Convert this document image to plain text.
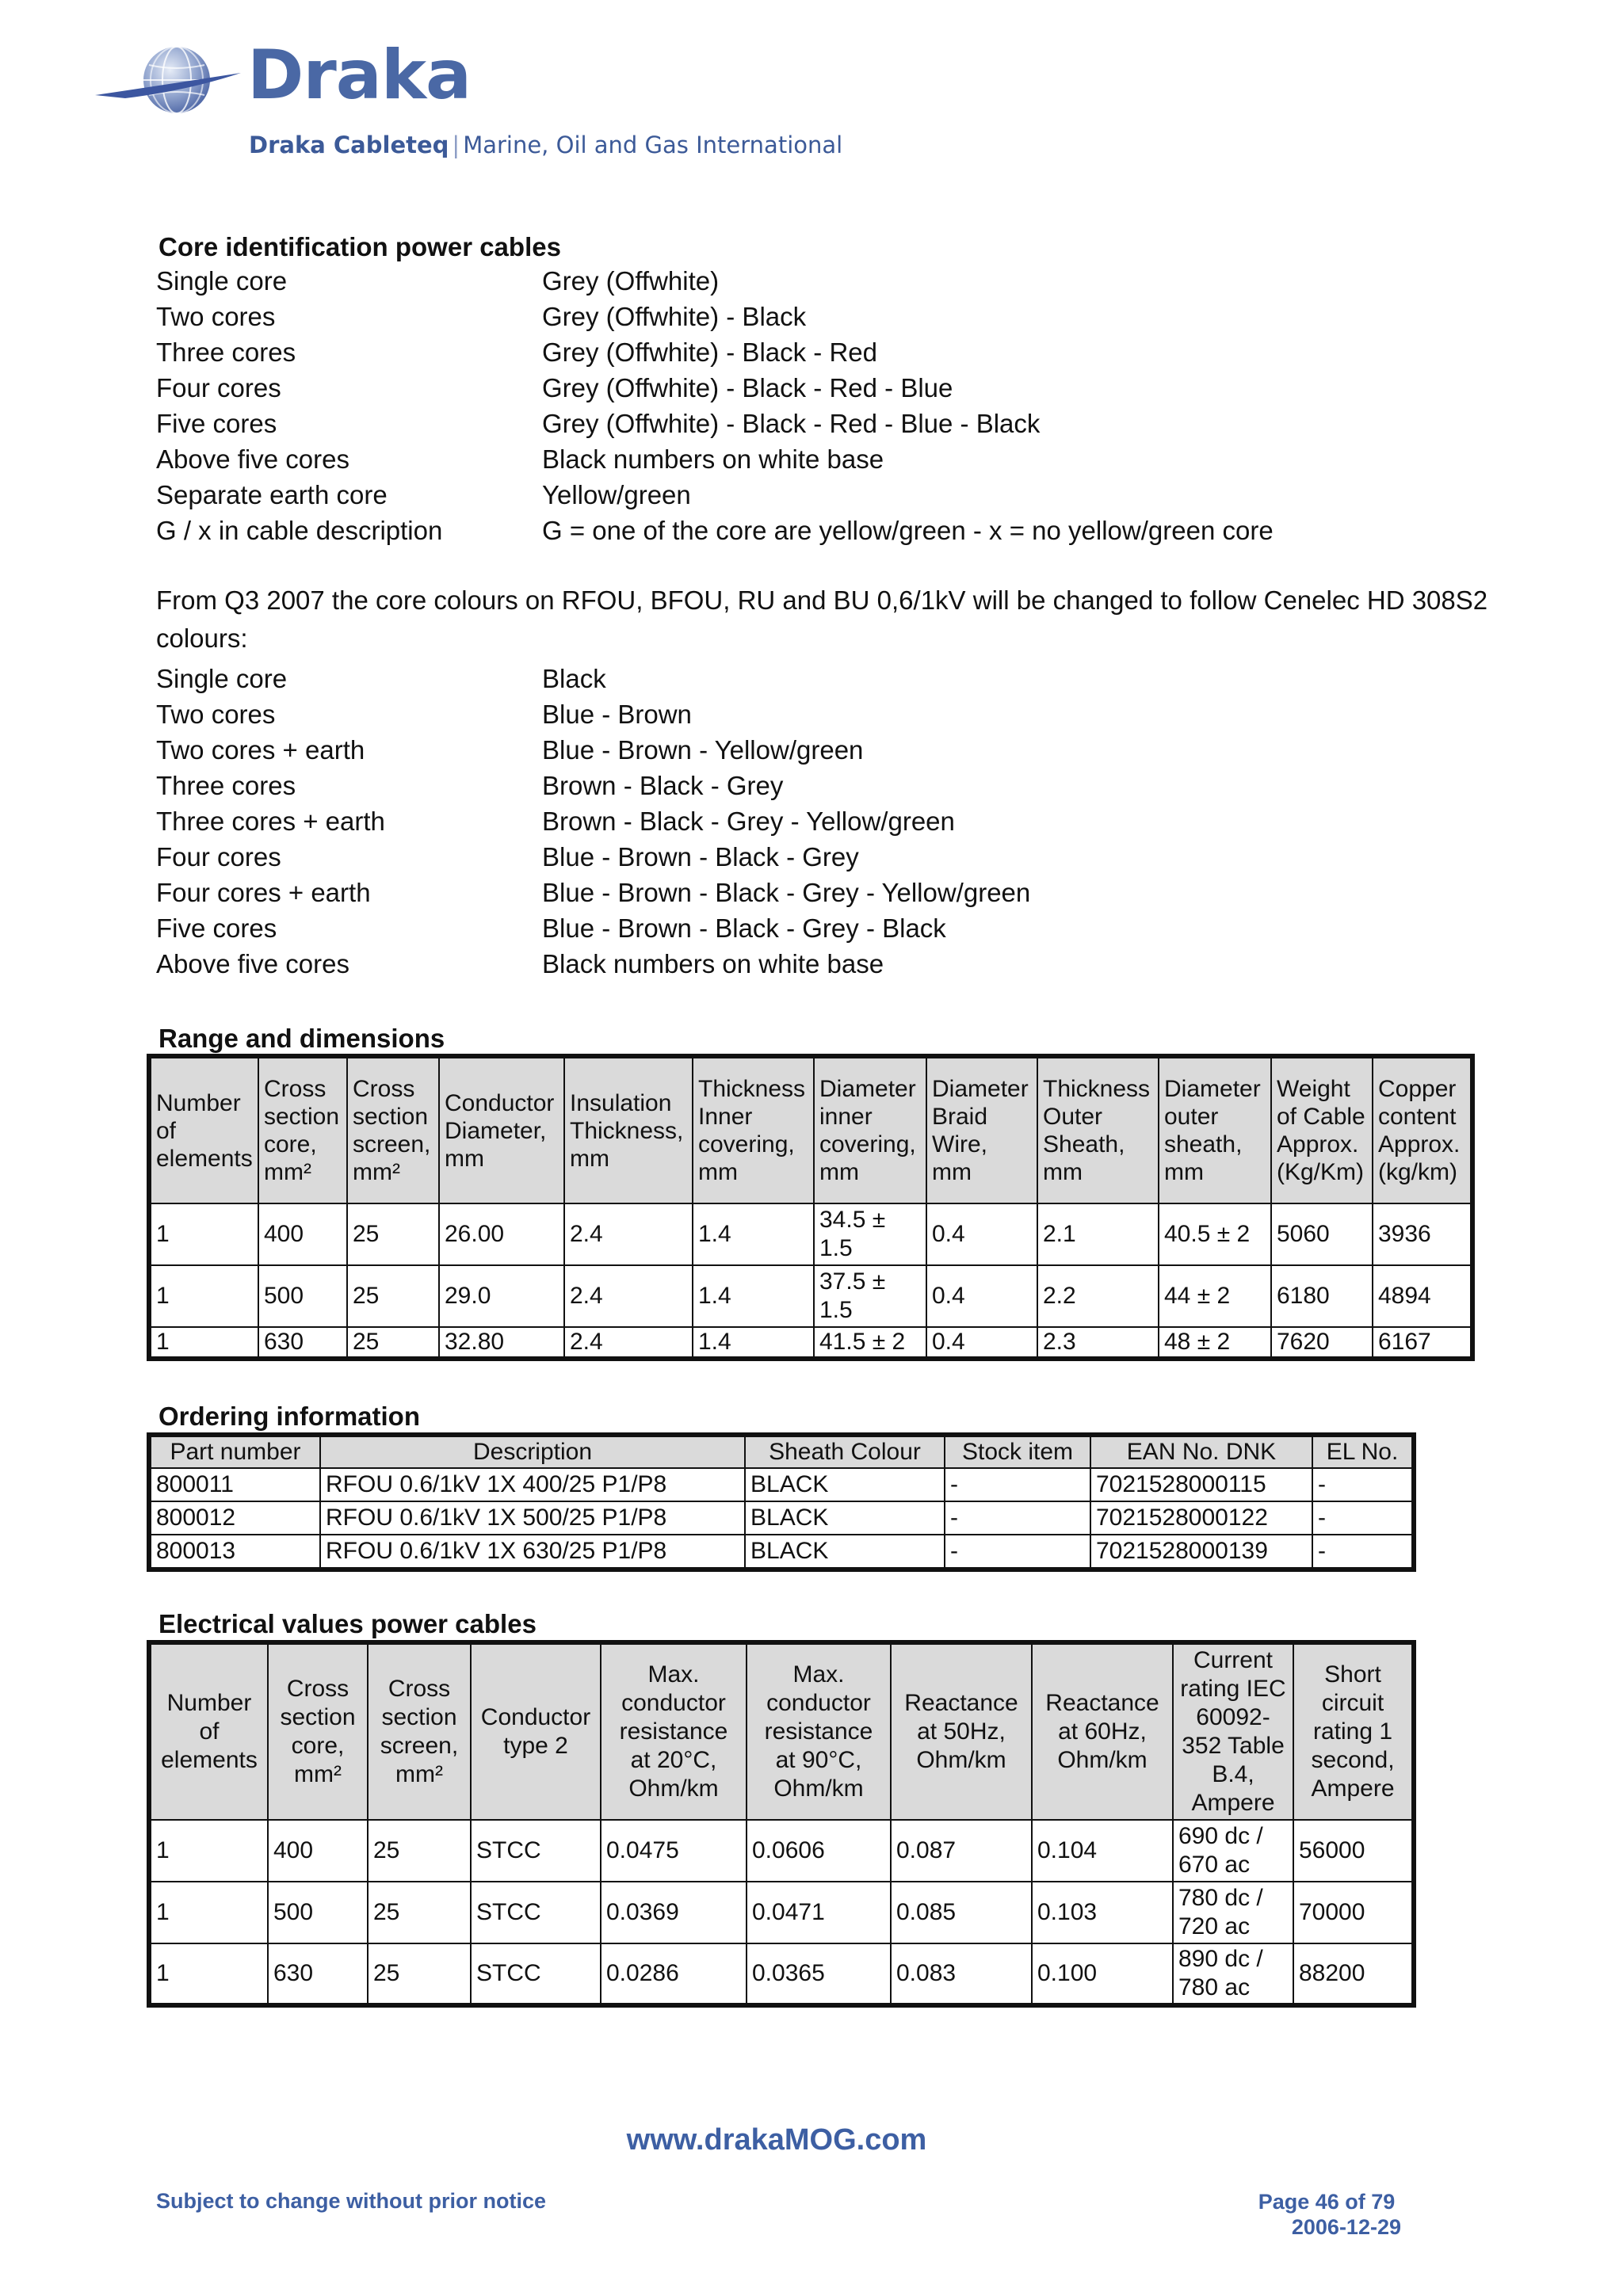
Draka
Draka Cableteq | Marine, Oil and Gas International
Core identification power cables
Single core	Grey (Offwhite)
Two cores	Grey (Offwhite) - Black
Three cores	Grey (Offwhite) - Black - Red
Four cores	Grey (Offwhite) - Black - Red - Blue
Five cores	Grey (Offwhite) - Black - Red - Blue - Black
Above five cores	Black numbers on white base
Separate earth core	Yellow/green
G / x in cable description	G = one of the core are yellow/green - x = no yellow/green core
From Q3 2007 the core colours on RFOU, BFOU, RU and BU 0,6/1kV will be changed to follow Cenelec HD 308S2 colours:
Single core	Black
Two cores	Blue - Brown
Two cores + earth	Blue - Brown - Yellow/green
Three cores	Brown - Black - Grey
Three cores + earth	Brown - Black - Grey - Yellow/green
Four cores	Blue - Brown - Black - Grey
Four cores + earth	Blue - Brown - Black - Grey - Yellow/green
Five cores	Blue - Brown - Black - Grey - Black
Above five cores	Black numbers on white base
Range and dimensions
Number of elements	Cross section core, mm²	Cross section screen, mm²	Conductor Diameter, mm	Insulation Thickness, mm	Thickness Inner covering, mm	Diameter inner covering, mm	Diameter Braid Wire, mm	Thickness Outer Sheath, mm	Diameter outer sheath, mm	Weight of Cable Approx. (Kg/Km)	Copper content Approx. (kg/km)
1	400	25	26.00	2.4	1.4	34.5 ± 1.5	0.4	2.1	40.5 ± 2	5060	3936
1	500	25	29.0	2.4	1.4	37.5 ± 1.5	0.4	2.2	44 ± 2	6180	4894
1	630	25	32.80	2.4	1.4	41.5 ± 2	0.4	2.3	48 ± 2	7620	6167
Ordering information
Part number	Description	Sheath Colour	Stock item	EAN No. DNK	EL No.
800011	RFOU 0.6/1kV 1X 400/25 P1/P8	BLACK	-	7021528000115	-
800012	RFOU 0.6/1kV 1X 500/25 P1/P8	BLACK	-	7021528000122	-
800013	RFOU 0.6/1kV 1X 630/25 P1/P8	BLACK	-	7021528000139	-
Electrical values power cables
Number of elements	Cross section core, mm²	Cross section screen, mm²	Conductor type 2	Max. conductor resistance at 20°C, Ohm/km	Max. conductor resistance at 90°C, Ohm/km	Reactance at 50Hz, Ohm/km	Reactance at 60Hz, Ohm/km	Current rating IEC 60092-352 Table B.4, Ampere	Short circuit rating 1 second, Ampere
1	400	25	STCC	0.0475	0.0606	0.087	0.104	690 dc / 670 ac	56000
1	500	25	STCC	0.0369	0.0471	0.085	0.103	780 dc / 720 ac	70000
1	630	25	STCC	0.0286	0.0365	0.083	0.100	890 dc / 780 ac	88200
www.drakaMOG.com
Subject to change without prior notice	Page 46 of 79
2006-12-29
